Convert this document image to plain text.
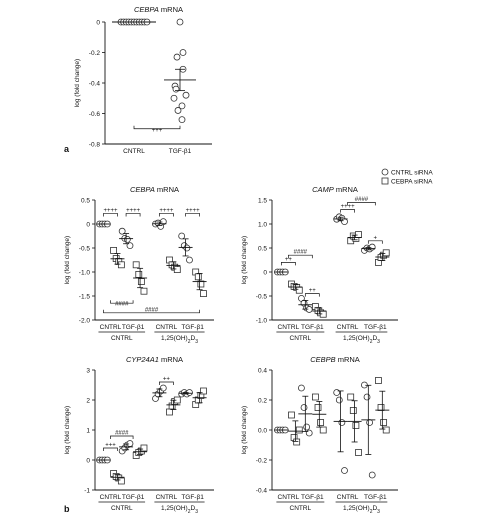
0
-0.2
-0.4
-0.6
-0.8
log (fold change)
CEBPA mRNA
+++
CNTRL	TGF-β1
0.5
0
-0.5
-1.0
-1.5
-2.0
log (fold change)
CEBPA mRNA
CNTRL TGF-β1 CNTRL TGF-β1
CNTRL	$1,25(OH)_2D_3$
++++ ++++	++++ ++++
####
####
1.5
1.0
0.5
0
-0.5
-1.0
log (fold change)
CAMP mRNA
CNTRL TGF-β1 CNTRL TGF-β1
CNTRL	$1,25(OH)_2D_3$
++
++
++++
+
####
####
3
2
1
0
-1
log (fold change)
CYP24A1 mRNA
CNTRL TGF-β1 CNTRL TGF-β1
CNTRL	$1,25(OH)_2D_3$
+++
++
####
0.4
0.2
0.0
-0.2
-0.4
log (fold change)
CEBPB mRNA
CNTRL TGF-β1 CNTRL TGF-β1
CNTRL	$1,25(OH)_2D_3$
CNTRL siRNA
CEBPA siRNA
a
b
